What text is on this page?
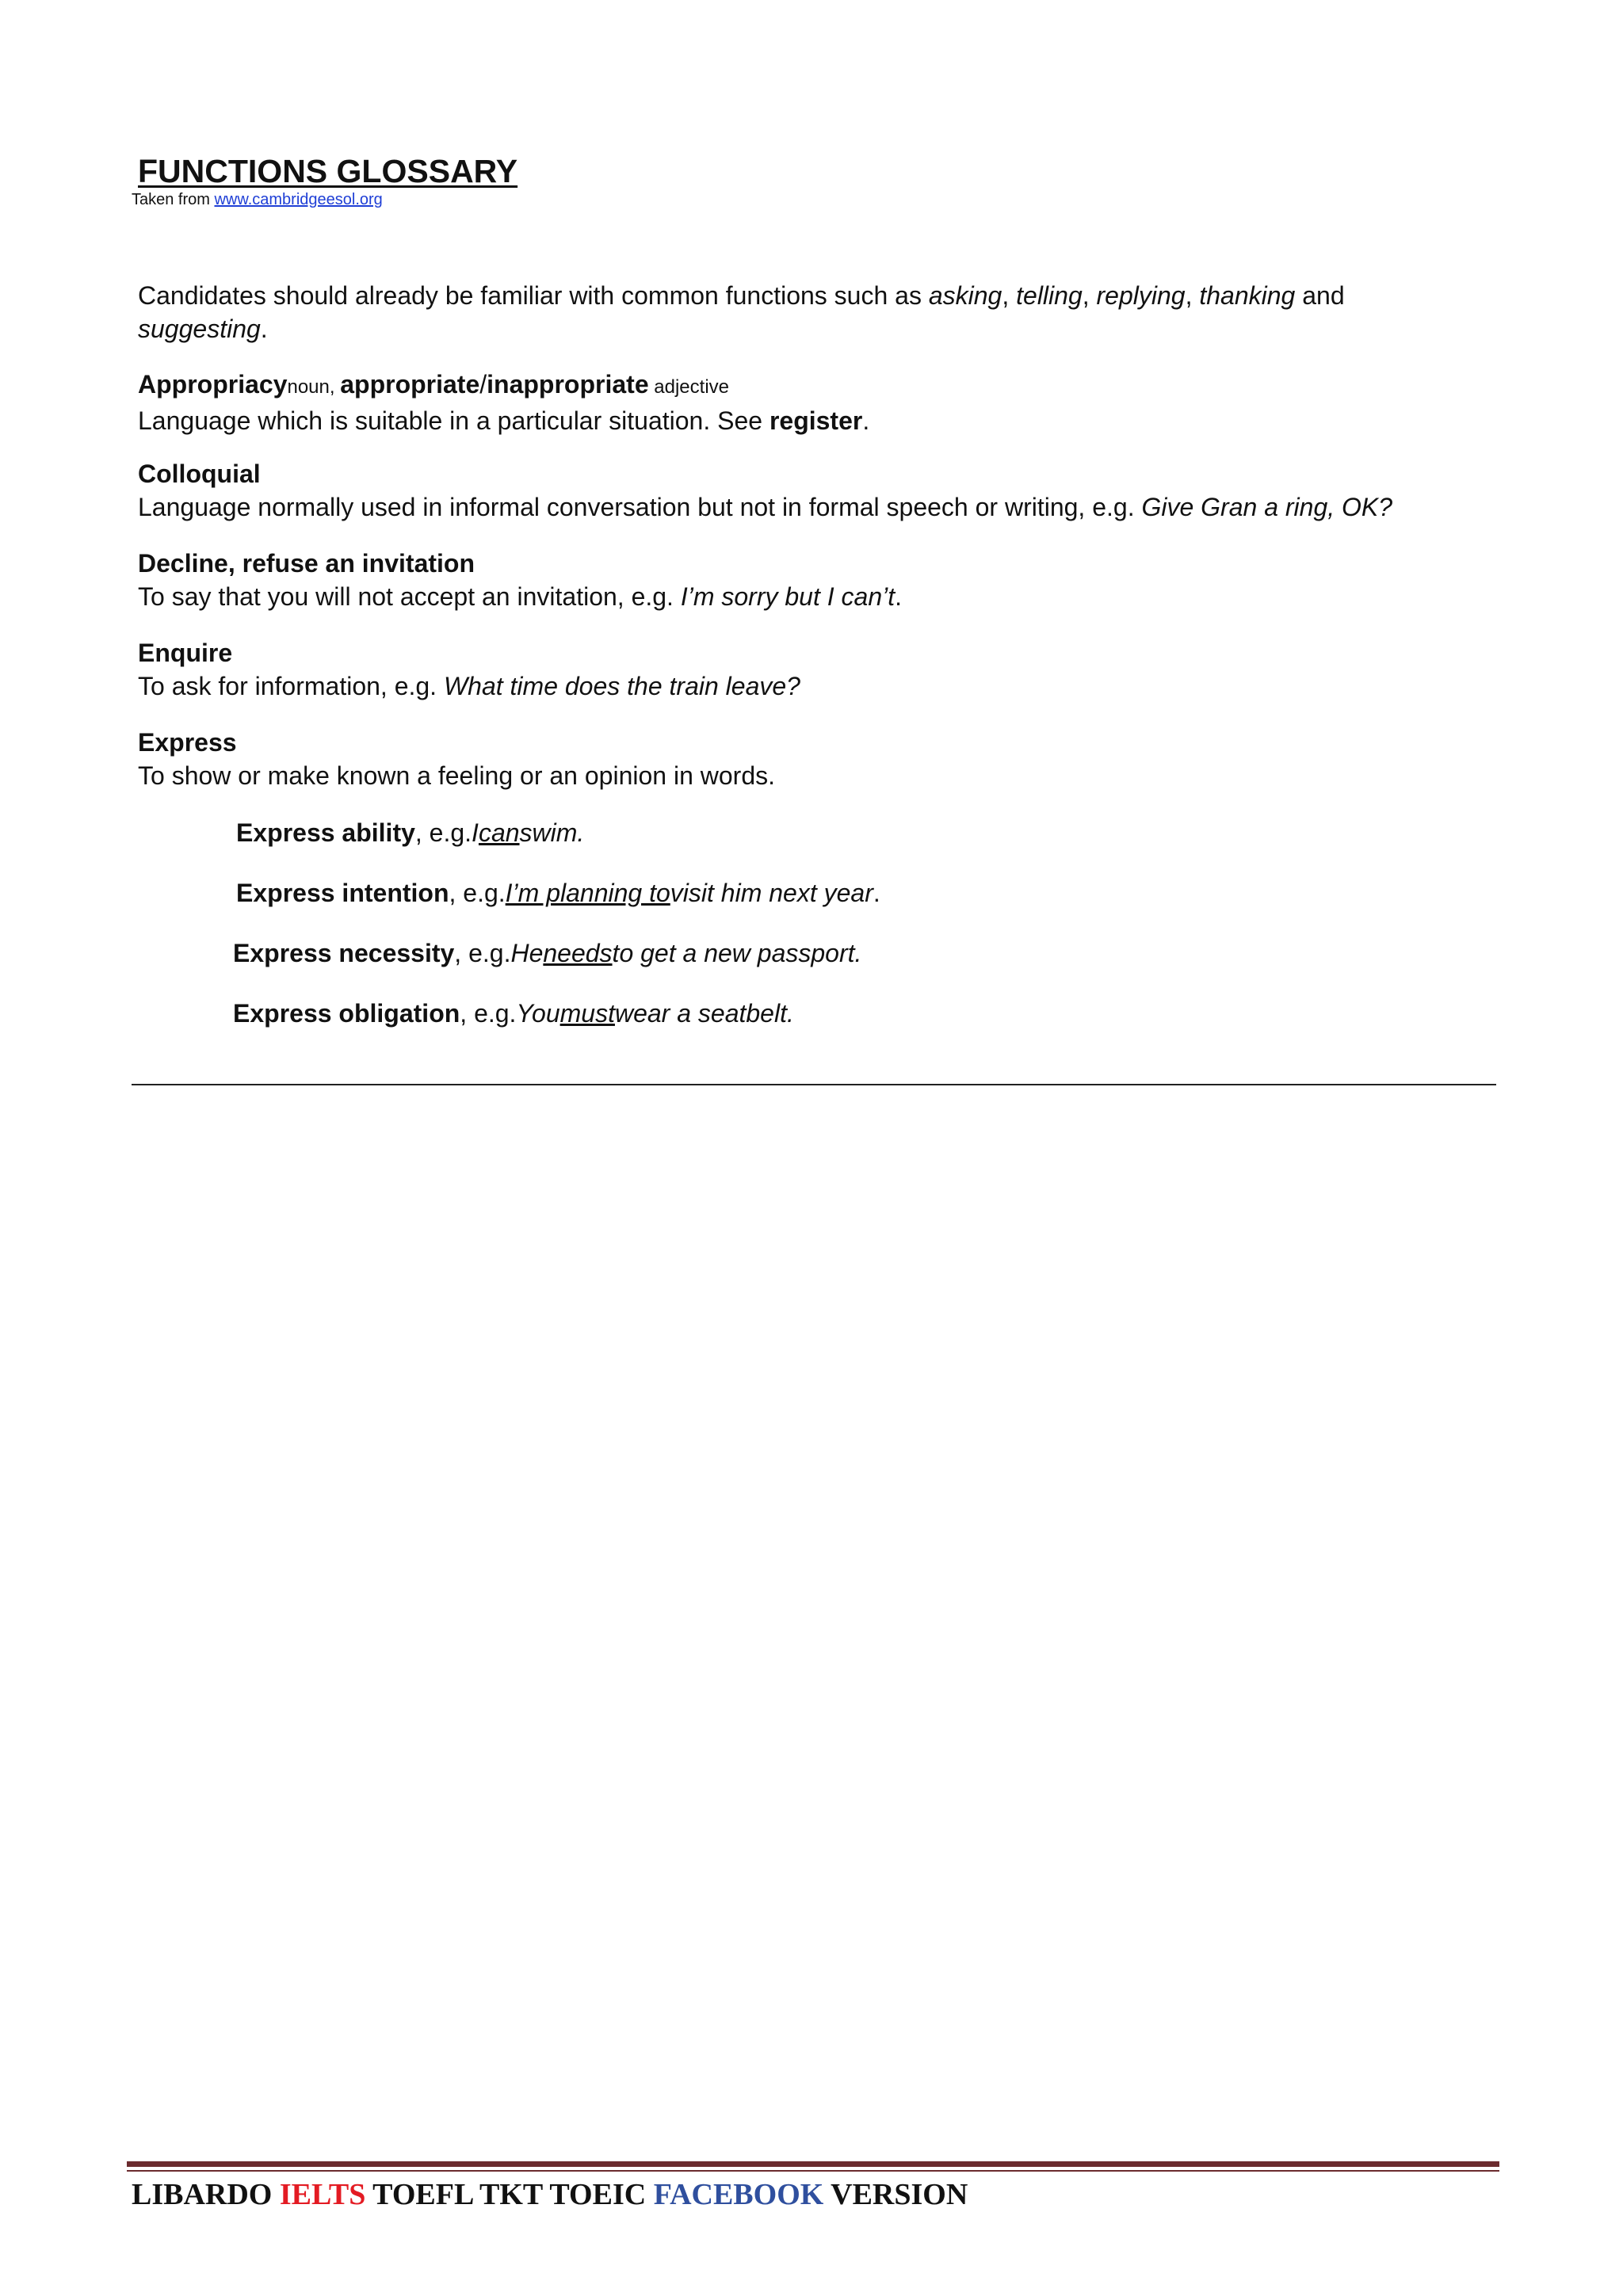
FUNCTIONS GLOSSARY
Taken from www.cambridgeesol.org

Candidates should already be familiar with common functions such as asking, telling, replying, thanking and suggesting.

Appropriacynoun, appropriate/inappropriate adjective
Language which is suitable in a particular situation. See register.
Colloquial
Language normally used in informal conversation but not in formal speech or writing, e.g. Give Gran a ring, OK?
Decline, refuse an invitation
To say that you will not accept an invitation, e.g. I’m sorry but I can’t.
Enquire
To ask for information, e.g. What time does the train leave?
Express
To show or make known a feeling or an opinion in words.
Express ability, e.g.Icanswim.
Express intention, e.g.I’m planning tovisit him next year.
Express necessity, e.g.Heneedsto get a new passport.
Express obligation, e.g.Youmustwear a seatbelt.
LIBARDO IELTS TOEFL TKT TOEIC FACEBOOK VERSION
